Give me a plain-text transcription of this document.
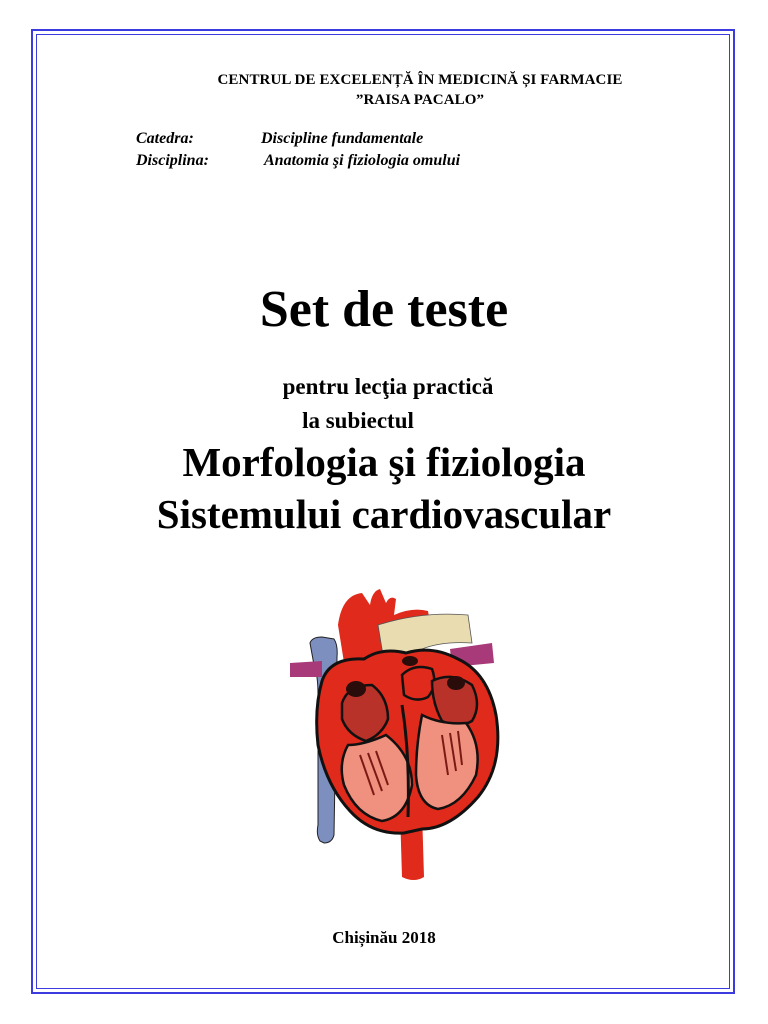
CENTRUL DE EXCELENȚĂ ÎN MEDICINĂ ȘI FARMACIE
”RAISA PACALO”
Catedra:	Discipline fundamentale
Disciplina:	Anatomia şi fiziologia omului
Set de teste
pentru lecţia practică
la subiectul
Morfologia şi fiziologia
Sistemului cardiovascular
Chișinău 2018
